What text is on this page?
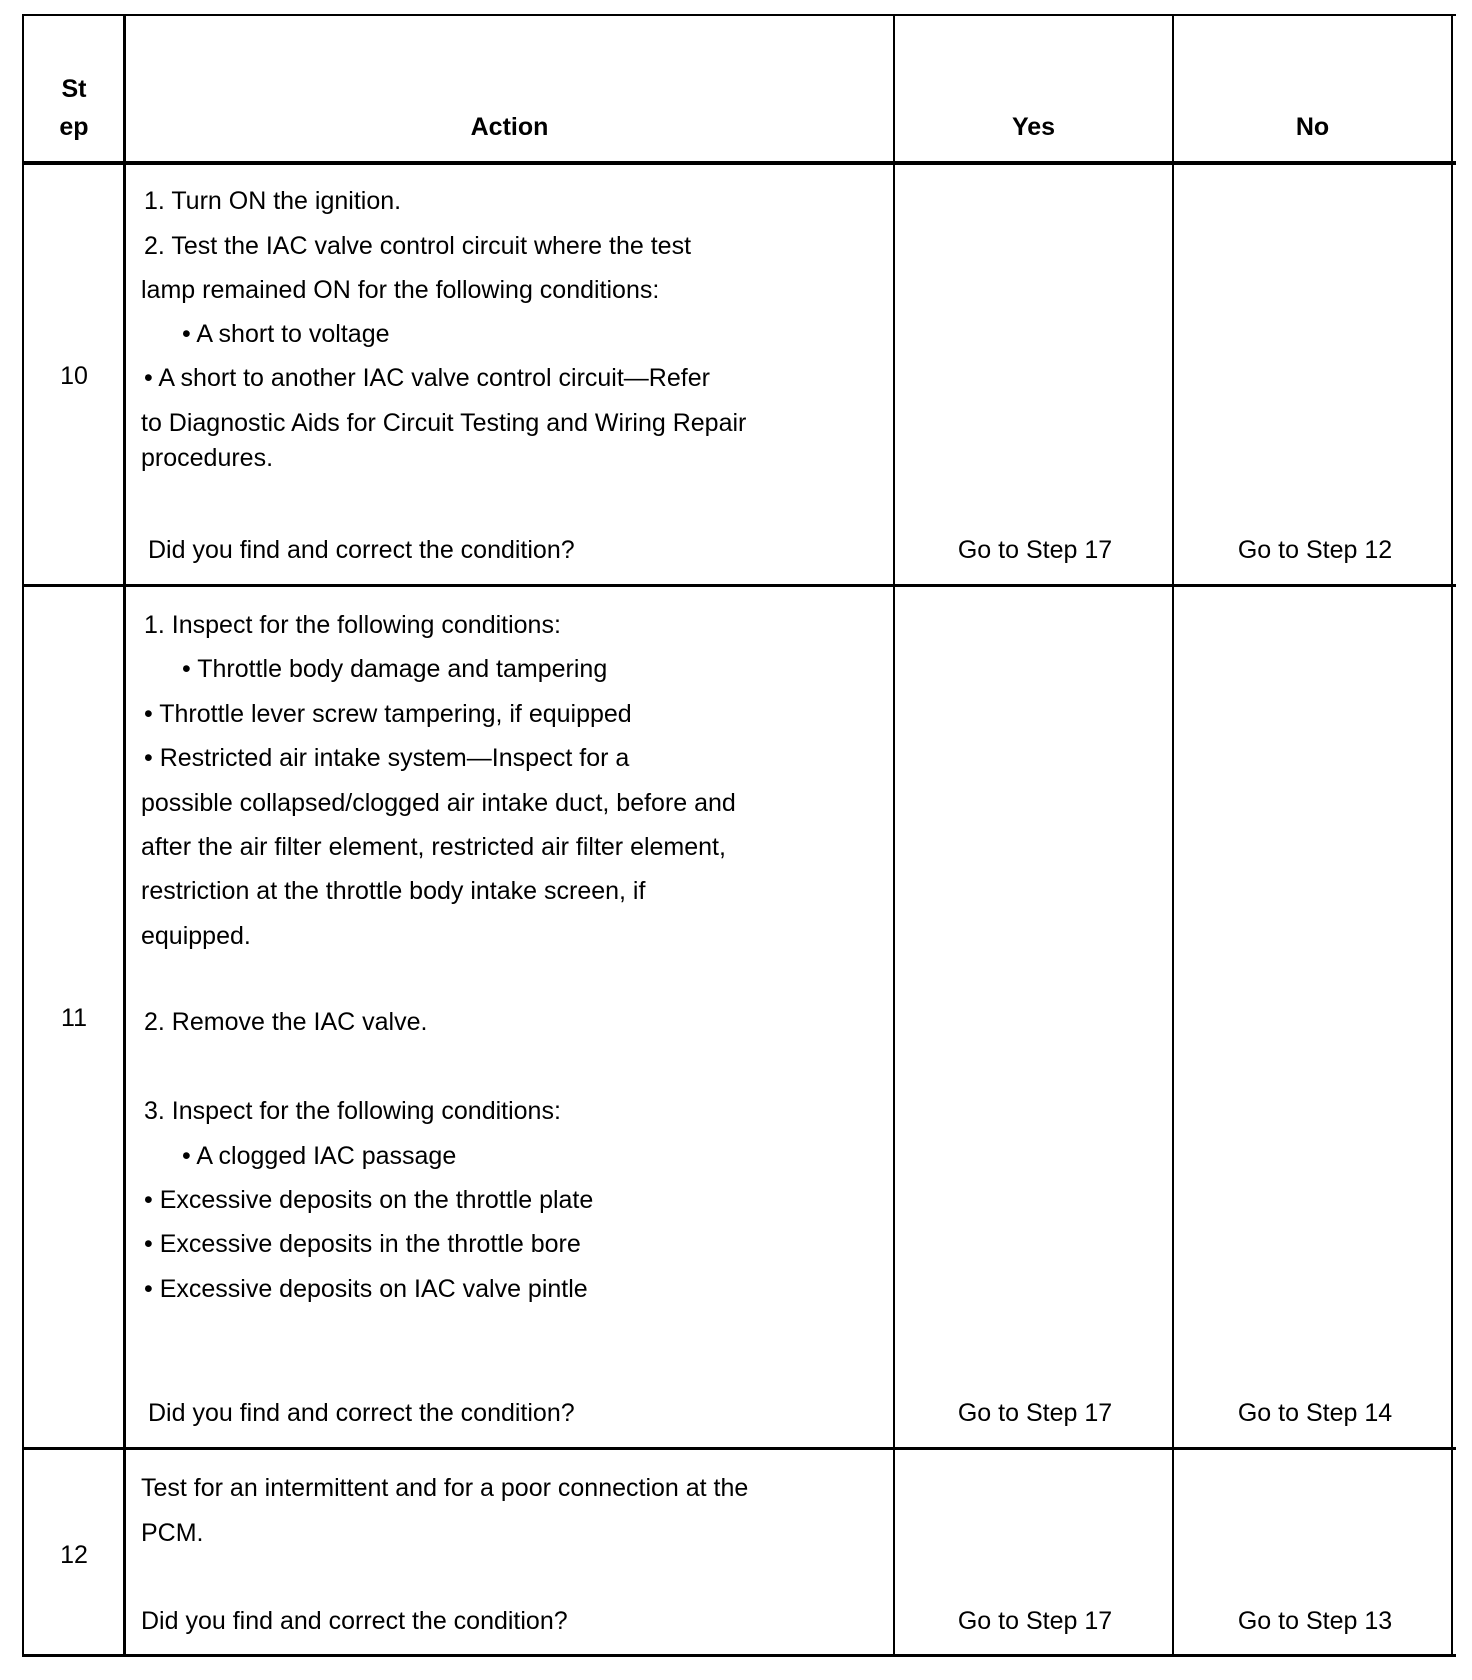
St
ep	Action	Yes	No
10
1. Turn ON the ignition.
2. Test the IAC valve control circuit where the test
lamp remained ON for the following conditions:
• A short to voltage
• A short to another IAC valve control circuit—Refer
to Diagnostic Aids for Circuit Testing and Wiring Repair
procedures.
Did you find and correct the condition?	Go to Step 17	Go to Step 12
11
1. Inspect for the following conditions:
• Throttle body damage and tampering
• Throttle lever screw tampering, if equipped
• Restricted air intake system—Inspect for a
possible collapsed/clogged air intake duct, before and
after the air filter element, restricted air filter element,
restriction at the throttle body intake screen, if
equipped.
2. Remove the IAC valve.
3. Inspect for the following conditions:
• A clogged IAC passage
• Excessive deposits on the throttle plate
• Excessive deposits in the throttle bore
• Excessive deposits on IAC valve pintle
Did you find and correct the condition?	Go to Step 17	Go to Step 14
12
Test for an intermittent and for a poor connection at the
PCM.
Did you find and correct the condition?	Go to Step 17	Go to Step 13
